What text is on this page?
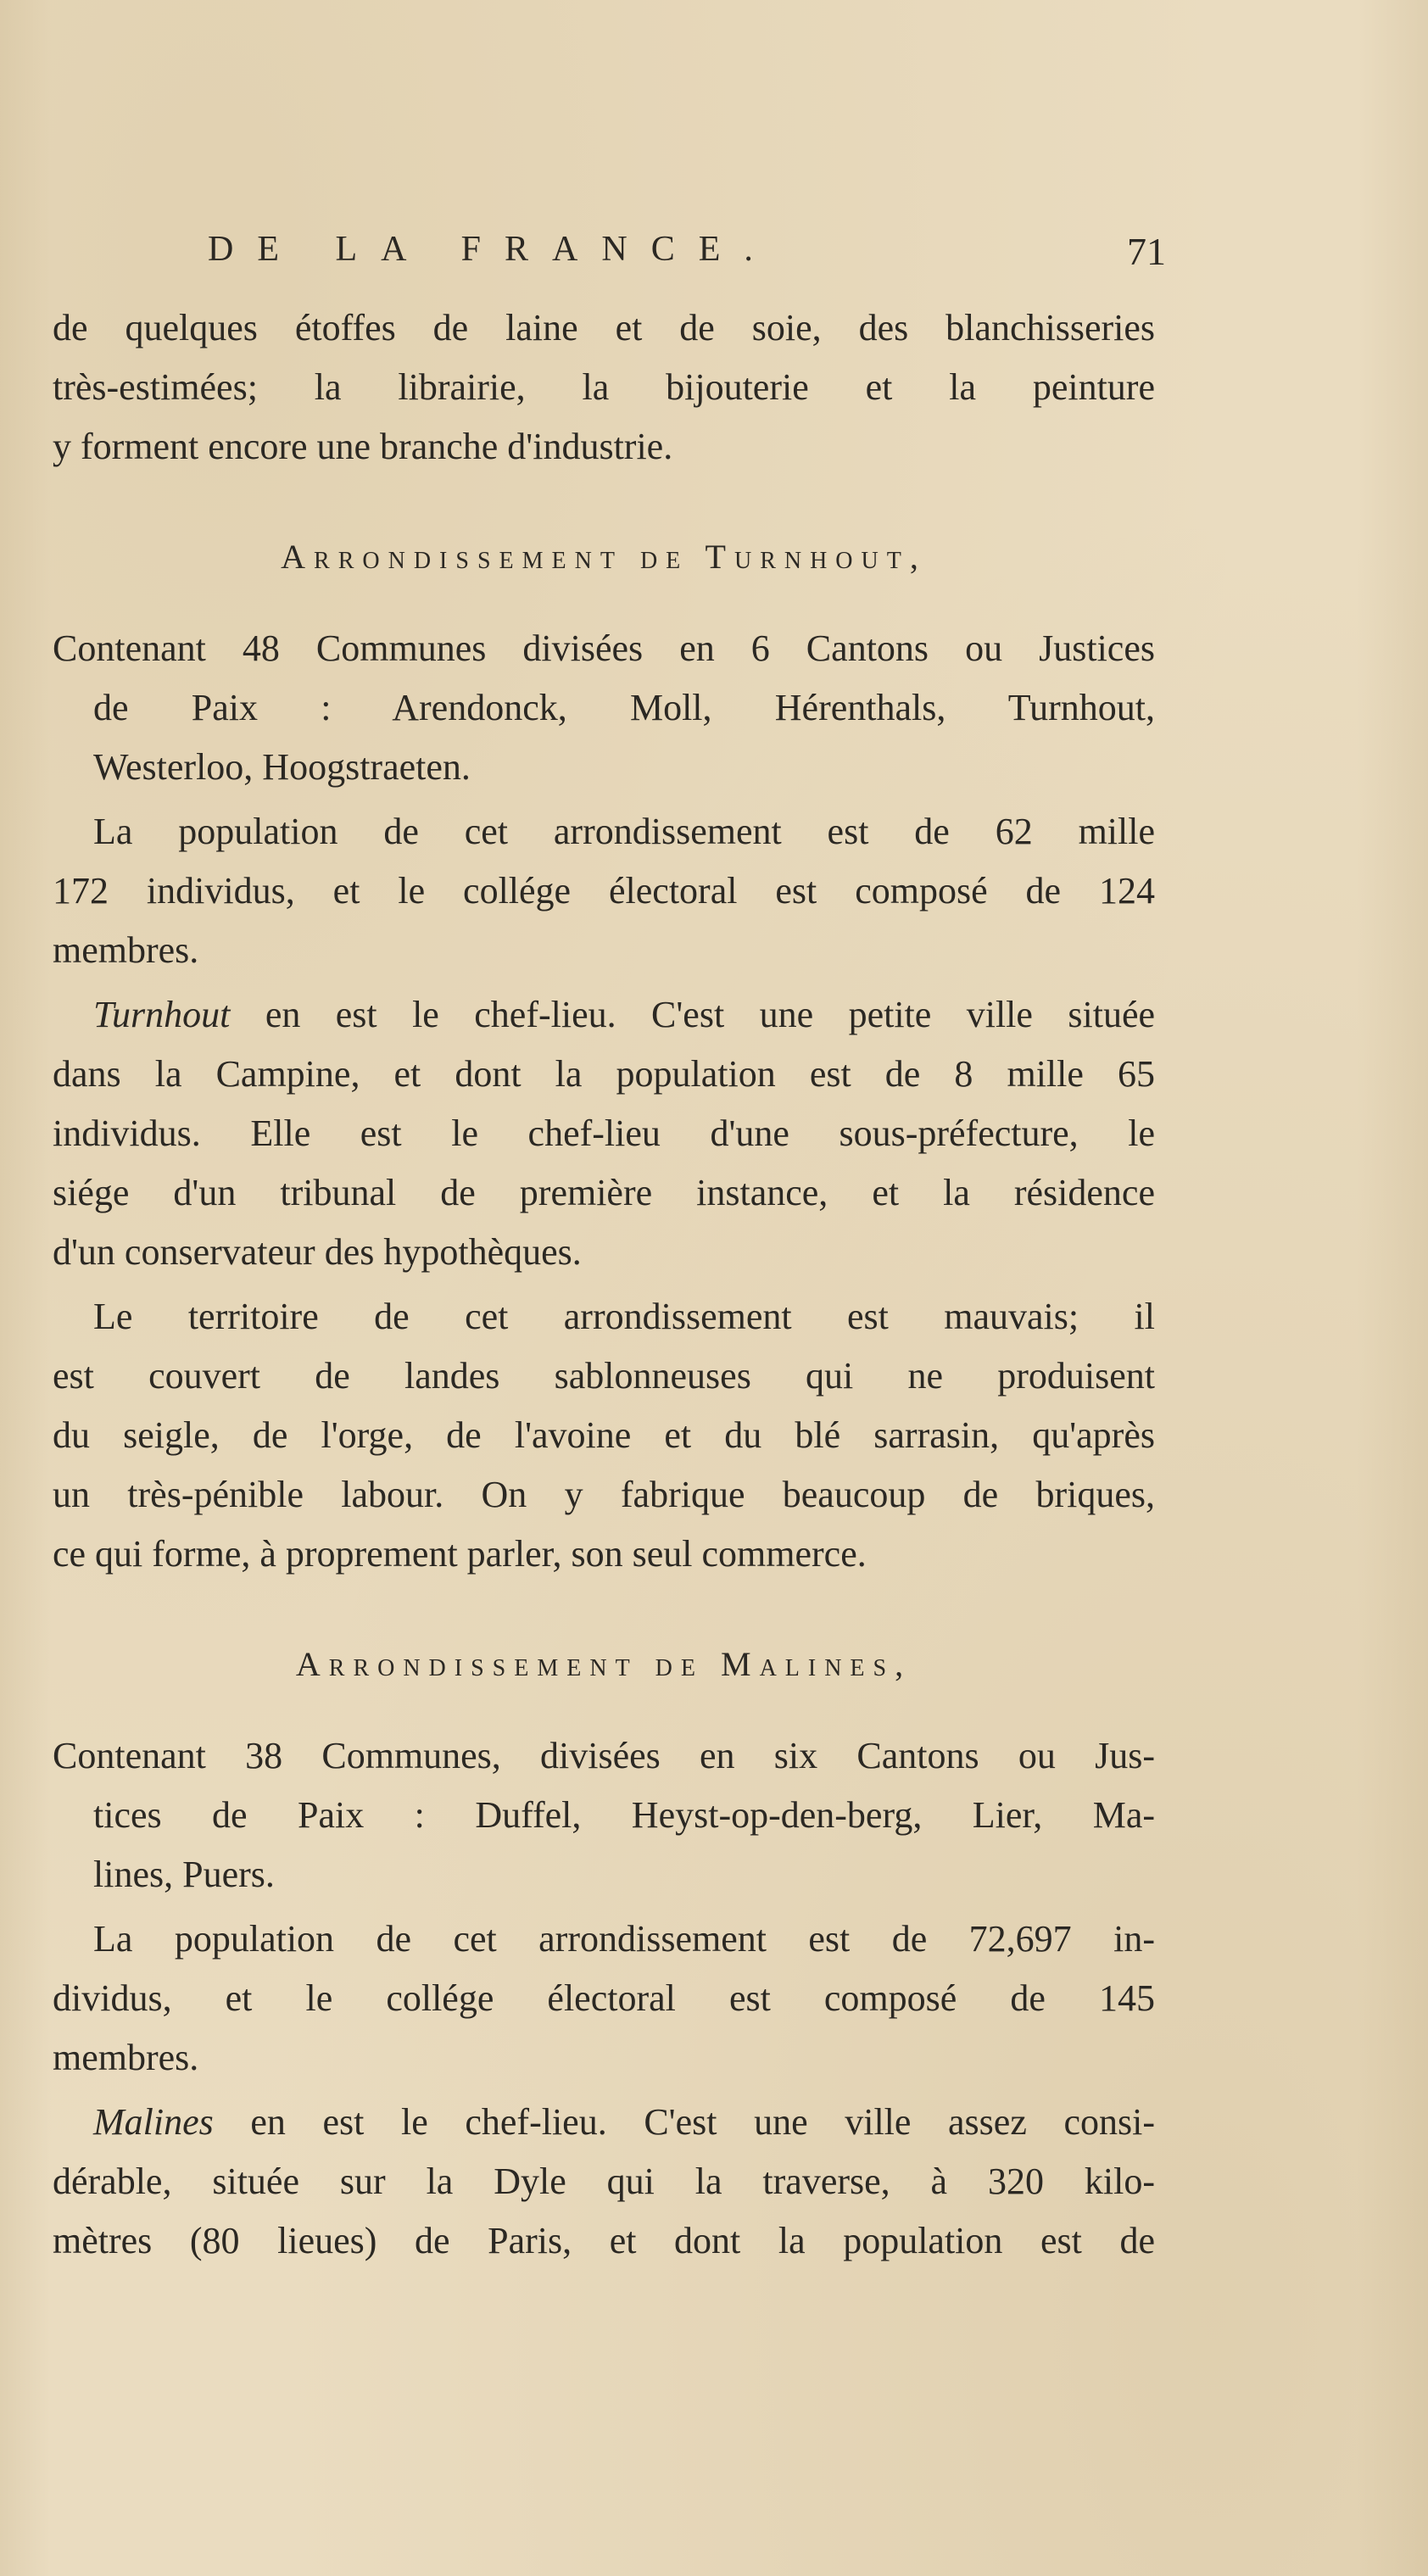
DE LA FRANCE.	71
de quelques étoffes de laine et de soie, des blanchisseries
très-estimées; la librairie, la bijouterie et la peinture
y forment encore une branche d'industrie.
Arrondissement de Turnhout,
Contenant 48 Communes divisées en 6 Cantons ou Justices
de Paix : Arendonck, Moll, Hérenthals, Turnhout,
Westerloo, Hoogstraeten.
La population de cet arrondissement est de 62 mille
172 individus, et le collége électoral est composé de 124
membres.
Turnhout en est le chef-lieu. C'est une petite ville située
dans la Campine, et dont la population est de 8 mille 65
individus. Elle est le chef-lieu d'une sous-préfecture, le
siége d'un tribunal de première instance, et la résidence
d'un conservateur des hypothèques.
Le territoire de cet arrondissement est mauvais; il
est couvert de landes sablonneuses qui ne produisent
du seigle, de l'orge, de l'avoine et du blé sarrasin, qu'après
un très-pénible labour. On y fabrique beaucoup de briques,
ce qui forme, à proprement parler, son seul commerce.
Arrondissement de Malines,
Contenant 38 Communes, divisées en six Cantons ou Jus-
tices de Paix : Duffel, Heyst-op-den-berg, Lier, Ma-
lines, Puers.
La population de cet arrondissement est de 72,697 in-
dividus, et le collége électoral est composé de 145
membres.
Malines en est le chef-lieu. C'est une ville assez consi-
dérable, située sur la Dyle qui la traverse, à 320 kilo-
mètres (80 lieues) de Paris, et dont la population est de
